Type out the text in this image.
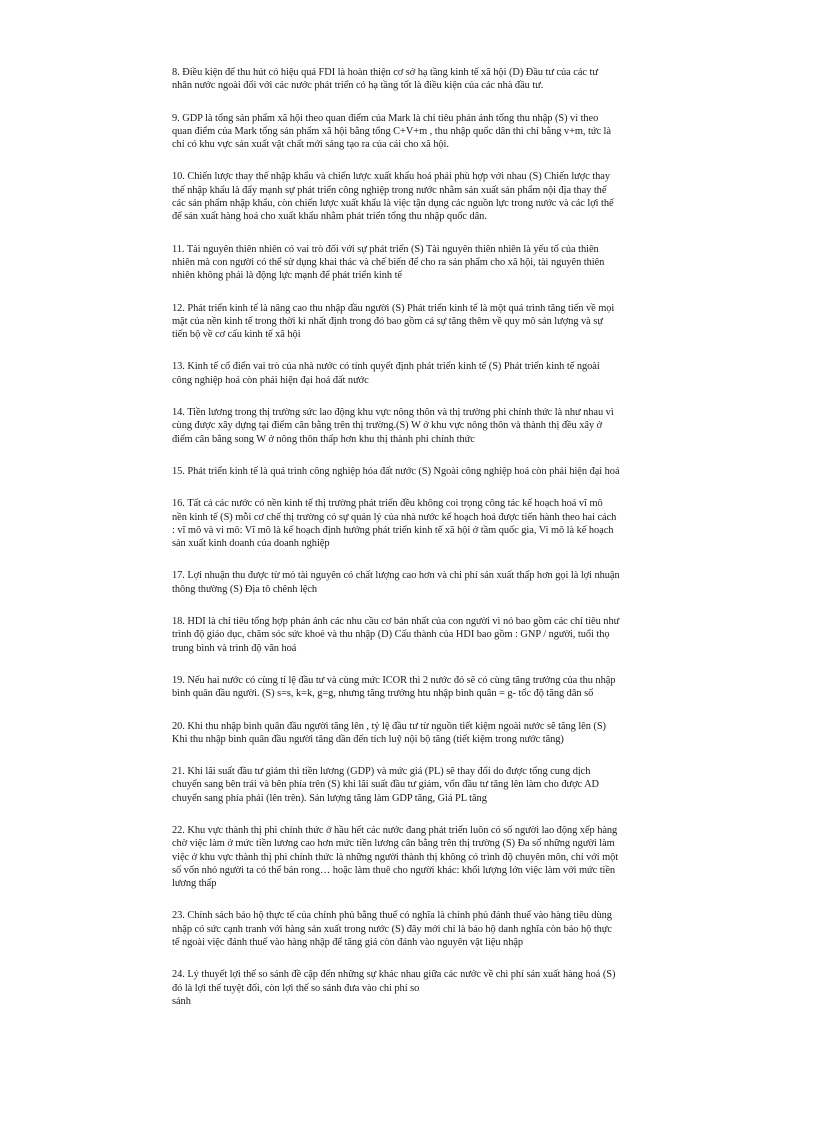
8. Điều kiện để thu hút có hiệu quả FDI là hoàn thiện cơ sở hạ tầng kinh tế xã hội (D) Đầu tư của các tư
nhân nước ngoài đối với các nước phát triển có hạ tầng tốt là điều kiện của các nhà đầu tư.
9. GDP là tổng sản phẩm xã hội theo quan điểm của Mark là chỉ tiêu phản ánh tổng thu nhập (S) vì theo
quan điểm của Mark tổng sản phẩm xã hội bằng tổng C+V+m , thu nhập quốc dân thì chỉ bằng v+m, tức là
chỉ có khu vực sản xuất vật chất mới sáng tạo ra của cải cho xã hội.
10. Chiến lược thay thế nhập khẩu và chiến lược xuất khẩu hoá phải phù hợp với nhau (S) Chiến lược thay
thế nhập khẩu là đẩy mạnh sự phát triển công nghiệp trong nước nhằm sản xuất sản phẩm nội địa thay thế
các sản phẩm nhập khẩu, còn chiến lược xuất khẩu là việc tận dụng các nguồn lực trong nước và các lợi thế
để sản xuất hàng hoá cho xuất khẩu nhằm phát triển tổng thu nhập quốc dân.
11. Tài nguyên thiên nhiên có vai trò đối với sự phát triển (S) Tài nguyên thiên nhiên là yếu tố của thiên
nhiên mà con người có thể sử dụng khai thác và chế biến để cho ra sản phẩm cho xã hội, tài nguyên thiên
nhiên không phải là động lực mạnh để phát triển kinh tế
12. Phát triển kinh tế là nâng cao thu nhập đầu người (S) Phát triển kinh tế là một quá trình tăng tiến về mọi
mặt của nền kinh tế trong thời kì nhất định trong đó bao gồm cả sự tăng thêm về quy mô sản lượng và sự
tiến bộ về cơ cấu kinh tế xã hội
13. Kinh tế cổ điển vai trò của nhà nước có tính quyết định phát triển kinh tế (S) Phát triển kinh tế ngoài
công nghiệp hoá còn phải hiện đại hoá đất nước
14. Tiền lương trong thị trường sức lao động khu vực nông thôn và thị trường phi chính thức là như nhau vì
cùng được xây dựng tại điểm cân bằng trên thị trường.(S) W ở khu vực nông thôn và thành thị đều xây ở
điểm cân bằng song W ở nông thôn thấp hơn khu thị thành phi chính thức
15. Phát triển kinh tế là quá trình công nghiệp hóa đất nước (S) Ngoài công nghiệp hoá còn phải hiện đại hoá
16. Tất cả các nước có nền kinh tế thị trường phát triển đều không coi trọng công tác kế hoạch hoá vĩ mô
nền kinh tế (S) mỗi cơ chế thị trường có sự quản lý của nhà nước kế hoạch hoá được tiến hành theo hai cách
: vĩ mô và vi mô: Vĩ mô là kế hoạch định hướng phát triển kinh tế xã hội ở tầm quốc gia, Vi mô là kế hoạch
sản xuất kinh doanh của doanh nghiệp
17. Lợi nhuận thu được từ mỏ tài nguyên có chất lượng cao hơn và chi phí sản xuất thấp hơn gọi là lợi nhuận
thông thường (S) Địa tô chênh lệch
18. HDI là chỉ tiêu tổng hợp phản ánh các nhu cầu cơ bản nhất của con người vì nó bao gồm các chỉ tiêu như
trình độ giáo dục, chăm sóc sức khoẻ và thu nhập (D) Cấu thành của HDI bao gồm : GNP / người, tuổi thọ
trung bình và trình độ văn hoá
19. Nếu hai nước có cùng tỉ lệ đầu tư và cùng mức ICOR thì 2 nước đó sẽ có cùng tăng trưởng của thu nhập
bình quân đầu người. (S) s=s, k=k, g=g, nhưng tăng trưởng htu nhập bình quân = g- tốc độ tăng dân số
20. Khi thu nhập bình quân đầu người tăng lên , tỷ lệ đầu tư từ nguồn tiết kiệm ngoài nước sẽ tăng lên (S)
Khi thu nhập bình quân đầu người tăng dần đến tích luỹ nội bộ tăng (tiết kiệm trong nước tăng)
21. Khi lãi suất đầu tư giảm thì tiền lương (GDP) và mức giá (PL) sẽ thay đổi do được tổng cung dịch
chuyển sang bên trái và bên phía trên (S) khi lãi suất đầu tư giảm, vốn đầu tư tăng lên làm cho được AD
chuyển sang phía phải (lên trên). Sản lượng tăng làm GDP tăng, Giá PL tăng
22. Khu vực thành thị phi chính thức ở hầu hết các nước đang phát triển luôn có số người lao động xếp hàng
chờ việc làm ở mức tiền lương cao hơn mức tiền lương cân bằng trên thị trường (S) Đa số những người làm
việc ở khu vực thành thị phi chính thức là những người thành thị không có trình độ chuyên môn, chỉ với một
số vốn nhỏ người ta có thể bán rong… hoặc làm thuê cho người khác: khối lượng lớn việc làm với mức tiền
lương thấp
23. Chính sách bảo hộ thực tế của chính phủ bằng thuế có nghĩa là chính phủ đánh thuế vào hàng tiêu dùng
nhập có sức cạnh tranh với hàng sản xuất trong nước (S) đây mới chỉ là bảo hộ danh nghĩa còn bảo hộ thực
tế ngoài việc đánh thuế vào hàng nhập để tăng giá còn đánh vào nguyên vật liệu nhập
24. Lý thuyết lợi thế so sánh đề cập đến những sự khác nhau giữa các nước về chi phí sản xuất hàng hoá (S)
đó là lợi thế tuyệt đối, còn lợi thế so sánh đưa vào chi phí so
sánh
